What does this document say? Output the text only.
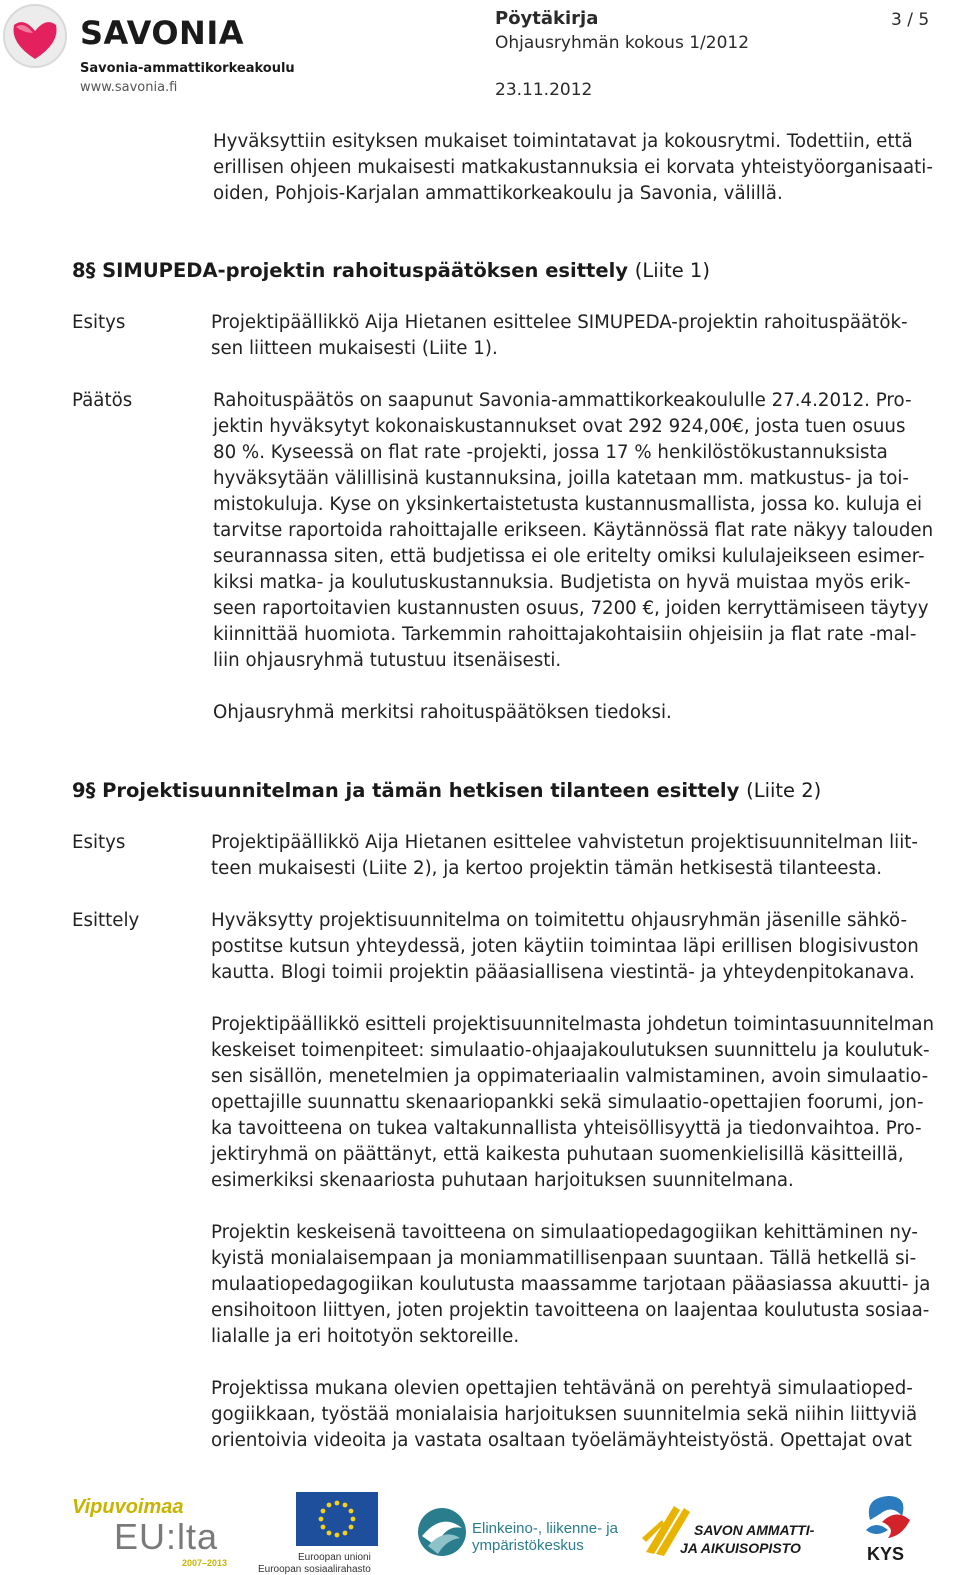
SAVONIA
Savonia-ammattikorkeakoulu
www.savonia.fi
Pöytäkirja
Ohjausryhmän kokous 1/2012
23.11.2012
3 / 5
Hyväksyttiin esityksen mukaiset toimintatavat ja kokousrytmi. Todettiin, että
erillisen ohjeen mukaisesti matkakustannuksia ei korvata yhteistyöorganisaati-
oiden, Pohjois-Karjalan ammattikorkeakoulu ja Savonia, välillä.
8§ SIMUPEDA-projektin rahoituspäätöksen esittely (Liite 1)
Esitys	Projektipäällikkö Aija Hietanen esittelee SIMUPEDA-projektin rahoituspäätök-
sen liitteen mukaisesti (Liite 1).
Päätös	Rahoituspäätös on saapunut Savonia-ammattikorkeakoululle 27.4.2012. Pro-
jektin hyväksytyt kokonaiskustannukset ovat 292 924,00€, josta tuen osuus
80 %. Kyseessä on flat rate -projekti, jossa 17 % henkilöstökustannuksista
hyväksytään välillisinä kustannuksina, joilla katetaan mm. matkustus- ja toi-
mistokuluja. Kyse on yksinkertaistetusta kustannusmallista, jossa ko. kuluja ei
tarvitse raportoida rahoittajalle erikseen. Käytännössä flat rate näkyy talouden
seurannassa siten, että budjetissa ei ole eritelty omiksi kululajeikseen esimer-
kiksi matka- ja koulutuskustannuksia. Budjetista on hyvä muistaa myös erik-
seen raportoitavien kustannusten osuus, 7200 €, joiden kerryttämiseen täytyy
kiinnittää huomiota. Tarkemmin rahoittajakohtaisiin ohjeisiin ja flat rate -mal-
liin ohjausryhmä tutustuu itsenäisesti.
Ohjausryhmä merkitsi rahoituspäätöksen tiedoksi.
9§ Projektisuunnitelman ja tämän hetkisen tilanteen esittely (Liite 2)
Esitys	Projektipäällikkö Aija Hietanen esittelee vahvistetun projektisuunnitelman liit-
teen mukaisesti (Liite 2), ja kertoo projektin tämän hetkisestä tilanteesta.
Esittely	Hyväksytty projektisuunnitelma on toimitettu ohjausryhmän jäsenille sähkö-
postitse kutsun yhteydessä, joten käytiin toimintaa läpi erillisen blogisivuston
kautta. Blogi toimii projektin pääasiallisena viestintä- ja yhteydenpitokanava.
Projektipäällikkö esitteli projektisuunnitelmasta johdetun toimintasuunnitelman
keskeiset toimenpiteet: simulaatio-ohjaajakoulutuksen suunnittelu ja koulutuk-
sen sisällön, menetelmien ja oppimateriaalin valmistaminen, avoin simulaatio-
opettajille suunnattu skenaariopankki sekä simulaatio-opettajien foorumi, jon-
ka tavoitteena on tukea valtakunnallista yhteisöllisyyttä ja tiedonvaihtoa. Pro-
jektiryhmä on päättänyt, että kaikesta puhutaan suomenkielisillä käsitteillä,
esimerkiksi skenaariosta puhutaan harjoituksen suunnitelmana.
Projektin keskeisenä tavoitteena on simulaatiopedagogiikan kehittäminen ny-
kyistä monialaisempaan ja moniammatillisenpaan suuntaan. Tällä hetkellä si-
mulaatiopedagogiikan koulutusta maassamme tarjotaan pääasiassa akuutti- ja
ensihoitoon liittyen, joten projektin tavoitteena on laajentaa koulutusta sosiaa-
lialalle ja eri hoitotyön sektoreille.
Projektissa mukana olevien opettajien tehtävänä on perehtyä simulaatioped-
gogiikkaan, työstää monialaisia harjoituksen suunnitelmia sekä niihin liittyviä
orientoivia videoita ja vastata osaltaan työelämäyhteistyöstä. Opettajat ovat
Vipuvoimaa
EU:lta
2007–2013	Euroopan unioni
Euroopan sosiaalirahasto
Elinkeino-, liikenne- ja
ympäristökeskus
SAVON AMMATTI-
JA AIKUISOPISTO	KYS
